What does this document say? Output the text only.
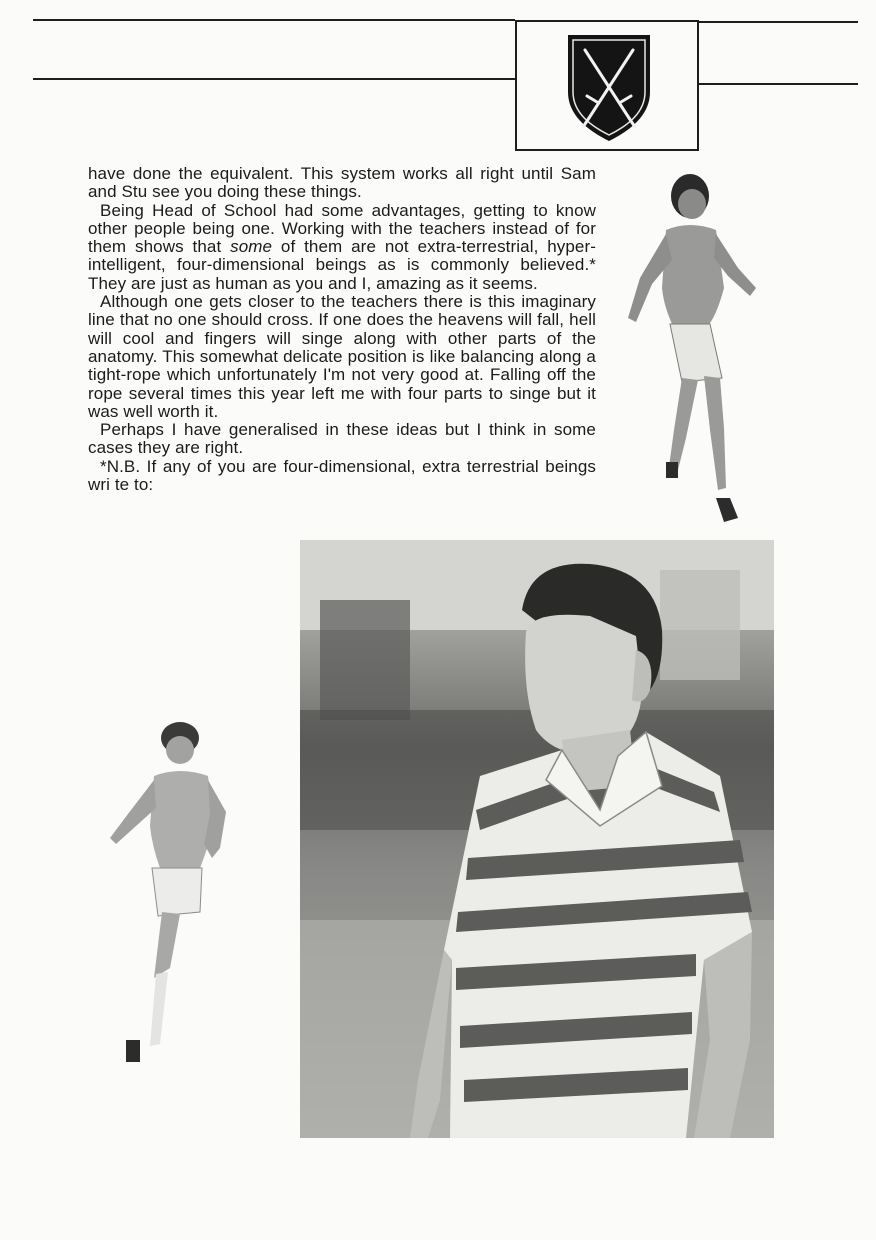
have done the equivalent. This system works all right until Sam and Stu see you doing these things.

Being Head of School had some advantages, getting to know other people being one. Working with the teachers instead of for them shows that some of them are not extra-terrestrial, hyper-intelligent, four-dimensional beings as is commonly believed.* They are just as human as you and I, amazing as it seems.

Although one gets closer to the teachers there is this imaginary line that no one should cross. If one does the heavens will fall, hell will cool and fingers will singe along with other parts of the anatomy. This somewhat delicate position is like balancing along a tight-rope which unfortunately I'm not very good at. Falling off the rope several times this year left me with four parts to singe but it was well worth it.

Perhaps I have generalised in these ideas but I think in some cases they are right.

*N.B. If any of you are four-dimensional, extra terrestrial beings wri te to:
